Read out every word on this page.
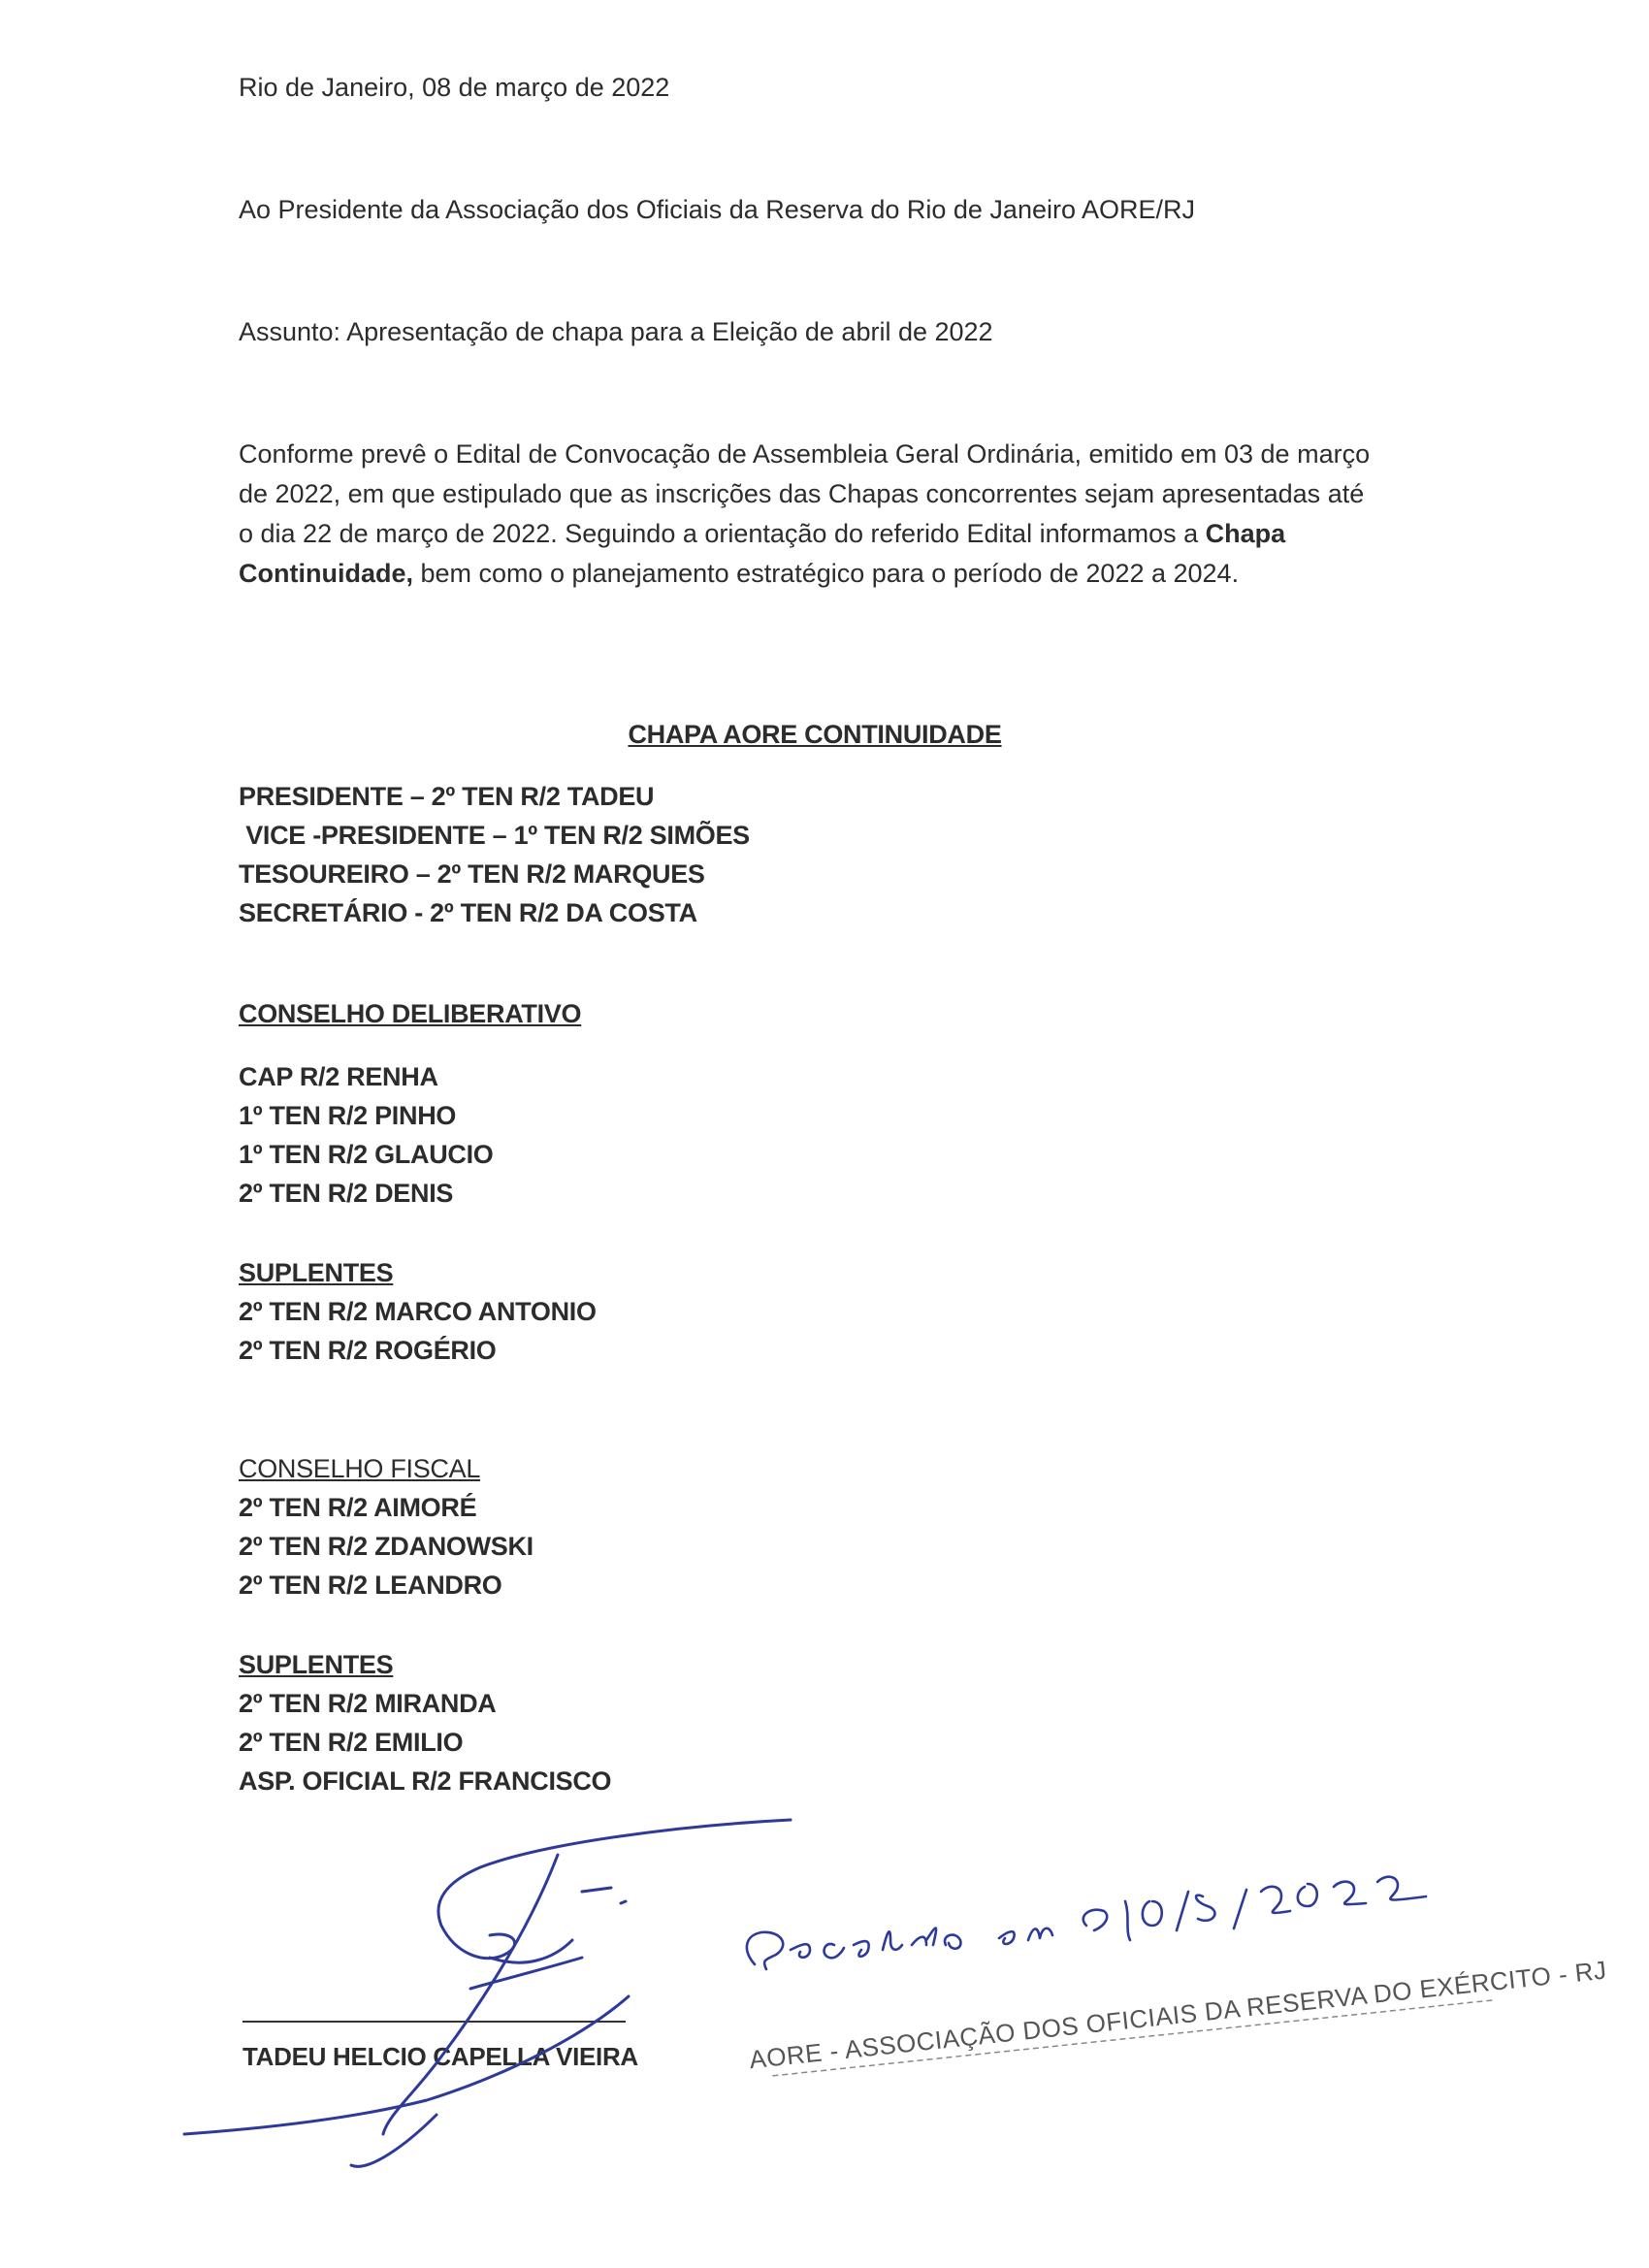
Rio de Janeiro, 08 de março de 2022
Ao Presidente da Associação dos Oficiais da Reserva do Rio de Janeiro AORE/RJ
Assunto: Apresentação de chapa para a Eleição de abril de 2022
Conforme prevê o Edital de Convocação de Assembleia Geral Ordinária, emitido em 03 de março de 2022, em que estipulado que as inscrições das Chapas concorrentes sejam apresentadas até o dia 22 de março de 2022. Seguindo a orientação do referido Edital informamos a Chapa Continuidade, bem como o planejamento estratégico para o período de 2022 a 2024.
CHAPA AORE CONTINUIDADE
PRESIDENTE – 2º TEN R/2 TADEU
VICE -PRESIDENTE – 1º TEN R/2 SIMÕES
TESOUREIRO – 2º TEN R/2 MARQUES
SECRETÁRIO - 2º TEN R/2 DA COSTA
CONSELHO DELIBERATIVO
CAP R/2 RENHA
1º TEN R/2 PINHO
1º TEN R/2 GLAUCIO
2º TEN R/2 DENIS
SUPLENTES
2º TEN R/2 MARCO ANTONIO
2º TEN R/2 ROGÉRIO
CONSELHO FISCAL
2º TEN R/2 AIMORÉ
2º TEN R/2 ZDANOWSKI
2º TEN R/2 LEANDRO
SUPLENTES
2º TEN R/2 MIRANDA
2º TEN R/2 EMILIO
ASP. OFICIAL R/2 FRANCISCO
TADEU HELCIO CAPELLA VIEIRA	AORE - ASSOCIAÇÃO DOS OFICIAIS DA RESERVA DO EXÉRCITO - RJ
